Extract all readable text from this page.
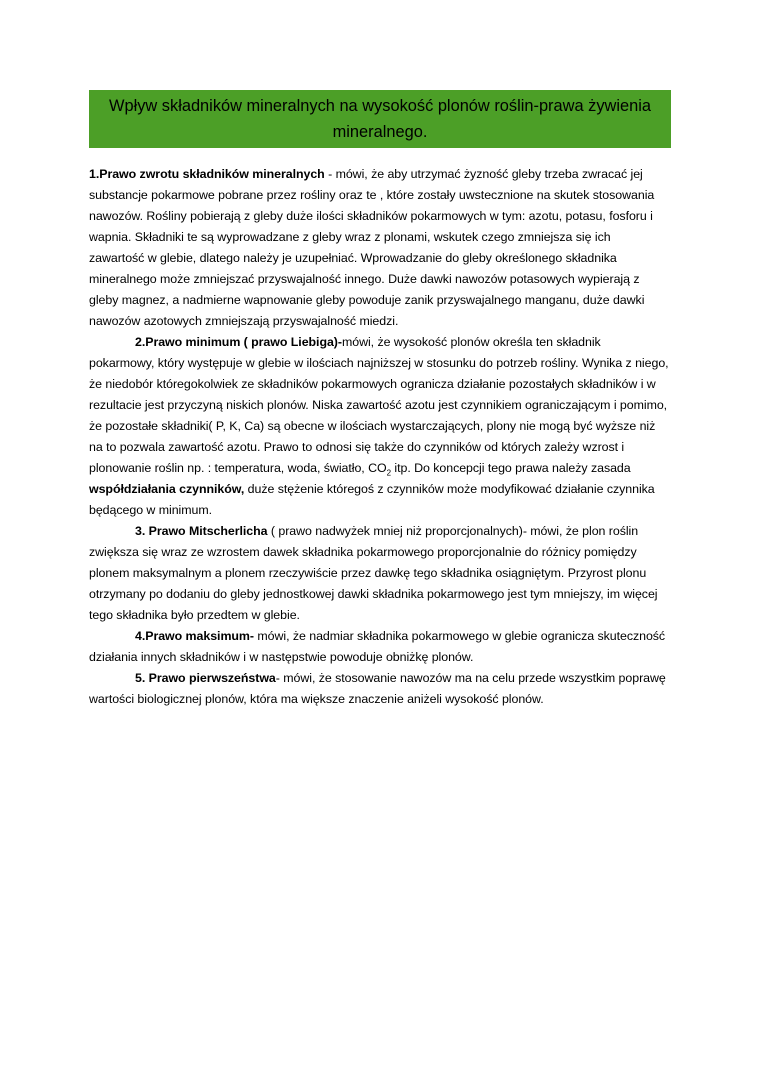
Wpływ składników mineralnych na wysokość plonów roślin-prawa żywienia mineralnego.

1.Prawo zwrotu składników mineralnych - mówi, że aby utrzymać żyzność gleby trzeba zwracać jej substancje pokarmowe pobrane przez rośliny oraz te , które zostały uwstecznione na skutek stosowania nawozów. Rośliny pobierają z gleby duże ilości składników pokarmowych w tym: azotu, potasu, fosforu i wapnia. Składniki te są wyprowadzane z gleby wraz z plonami, wskutek czego zmniejsza się ich zawartość w glebie, dlatego należy je uzupełniać. Wprowadzanie do gleby określonego składnika mineralnego może zmniejszać przyswajalność innego. Duże dawki nawozów potasowych wypierają z gleby magnez, a nadmierne wapnowanie gleby powoduje zanik przyswajalnego manganu, duże dawki nawozów azotowych zmniejszają przyswajalność miedzi.

2.Prawo minimum ( prawo Liebiga)-mówi, że wysokość plonów określa ten składnik pokarmowy, który występuje w glebie w ilościach najniższej w stosunku do potrzeb rośliny. Wynika z niego, że niedobór któregokolwiek ze składników pokarmowych ogranicza działanie pozostałych składników i w rezultacie jest przyczyną niskich plonów. Niska zawartość azotu jest czynnikiem ograniczającym i pomimo, że pozostałe składniki( P, K, Ca) są obecne w ilościach wystarczających, plony nie mogą być wyższe niż na to pozwala zawartość azotu. Prawo to odnosi się także do czynników od których zależy wzrost i plonowanie roślin np. : temperatura, woda, światło, $CO_2$ itp. Do koncepcji tego prawa należy zasada współdziałania czynników, duże stężenie któregoś z czynników może modyfikować działanie czynnika będącego w minimum.

3. Prawo Mitscherlicha ( prawo nadwyżek mniej niż proporcjonalnych)- mówi, że plon roślin zwiększa się wraz ze wzrostem dawek składnika pokarmowego proporcjonalnie do różnicy pomiędzy plonem maksymalnym a plonem rzeczywiście przez dawkę tego składnika osiągniętym. Przyrost plonu otrzymany po dodaniu do gleby jednostkowej dawki składnika pokarmowego jest tym mniejszy, im więcej tego składnika było przedtem w glebie.

4.Prawo maksimum- mówi, że nadmiar składnika pokarmowego w glebie ogranicza skuteczność działania innych składników i w następstwie powoduje obniżkę plonów.

5. Prawo pierwszeństwa- mówi, że stosowanie nawozów ma na celu przede wszystkim poprawę wartości biologicznej plonów, która ma większe znaczenie aniżeli wysokość plonów.
